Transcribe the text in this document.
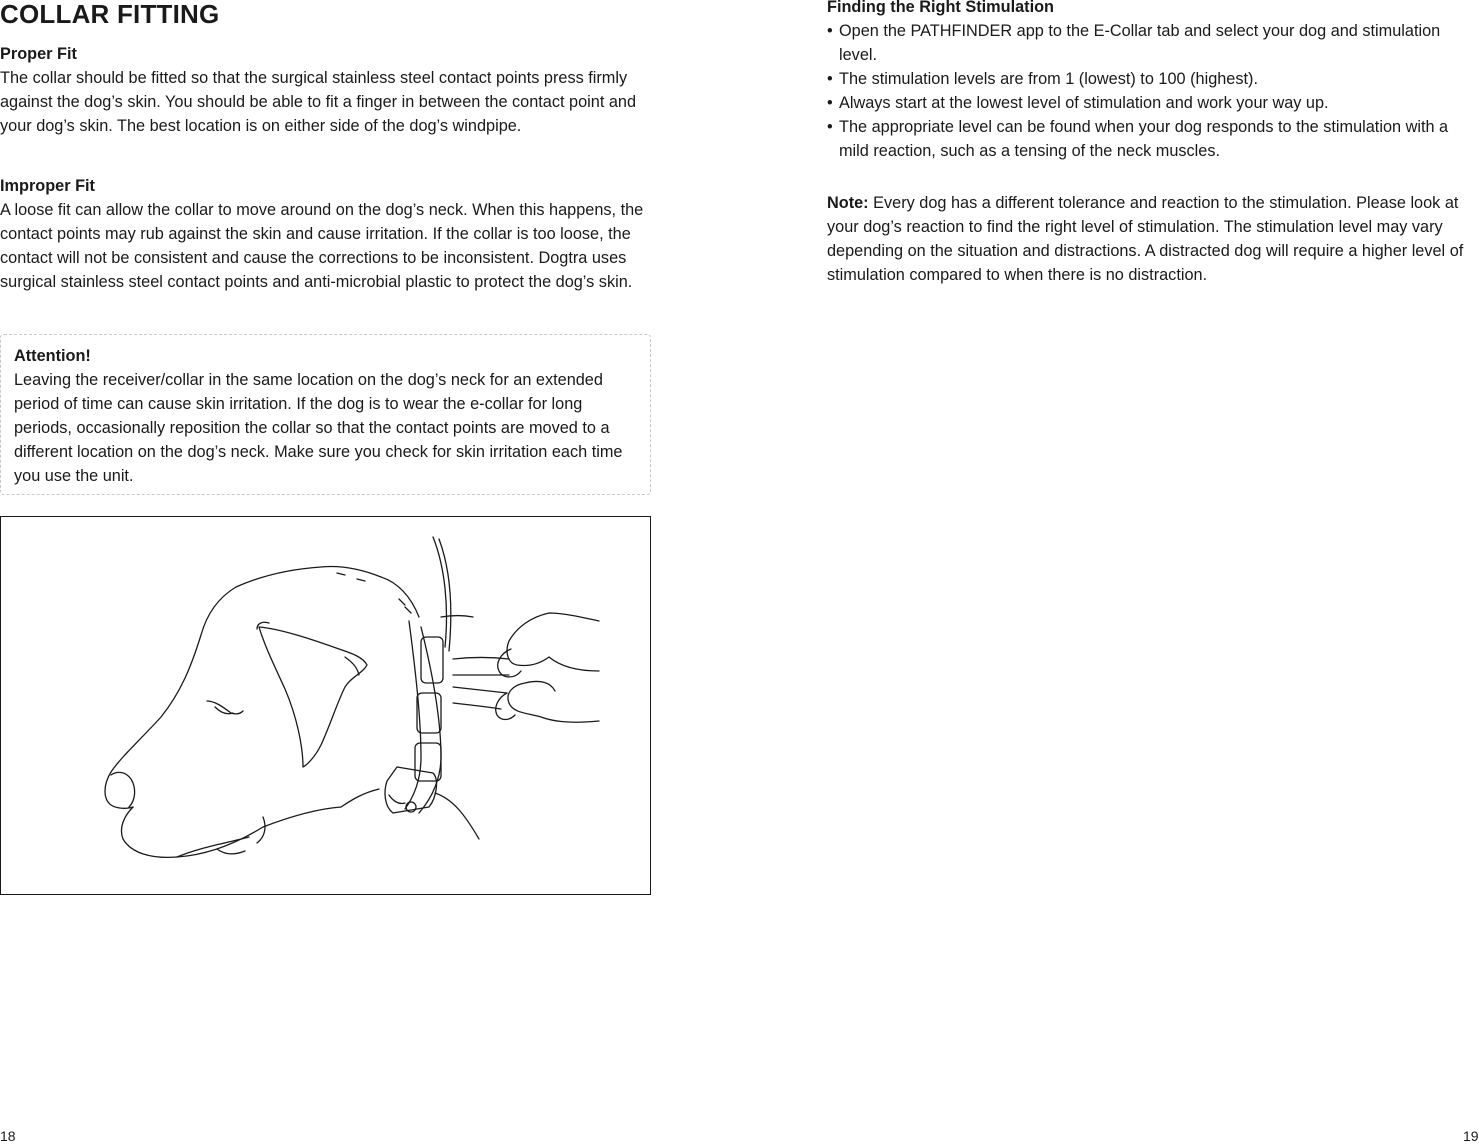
COLLAR FITTING

Proper Fit

The collar should be fitted so that the surgical stainless steel contact points press firmly against the dog’s skin. You should be able to fit a finger in between the contact point and your dog’s skin. The best location is on either side of the dog’s windpipe.

Improper Fit

A loose fit can allow the collar to move around on the dog’s neck. When this happens, the contact points may rub against the skin and cause irritation. If the collar is too loose, the contact will not be consistent and cause the corrections to be inconsistent. Dogtra uses surgical stainless steel contact points and anti-microbial plastic to protect the dog’s skin.

Attention!

Leaving the receiver/collar in the same location on the dog’s neck for an extended period of time can cause skin irritation. If the dog is to wear the e-collar for long periods, occasionally reposition the collar so that the contact points are moved to a different location on the dog’s neck. Make sure you check for skin irritation each time you use the unit.

18

Finding the Right Stimulation

• Open the PATHFINDER app to the E-Collar tab and select your dog and stimulation level.
• The stimulation levels are from 1 (lowest) to 100 (highest).
• Always start at the lowest level of stimulation and work your way up.
• The appropriate level can be found when your dog responds to the stimulation with a mild reaction, such as a tensing of the neck muscles.

Note: Every dog has a different tolerance and reaction to the stimulation. Please look at your dog’s reaction to find the right level of stimulation. The stimulation level may vary depending on the situation and distractions. A distracted dog will require a higher level of stimulation compared to when there is no distraction.

19
